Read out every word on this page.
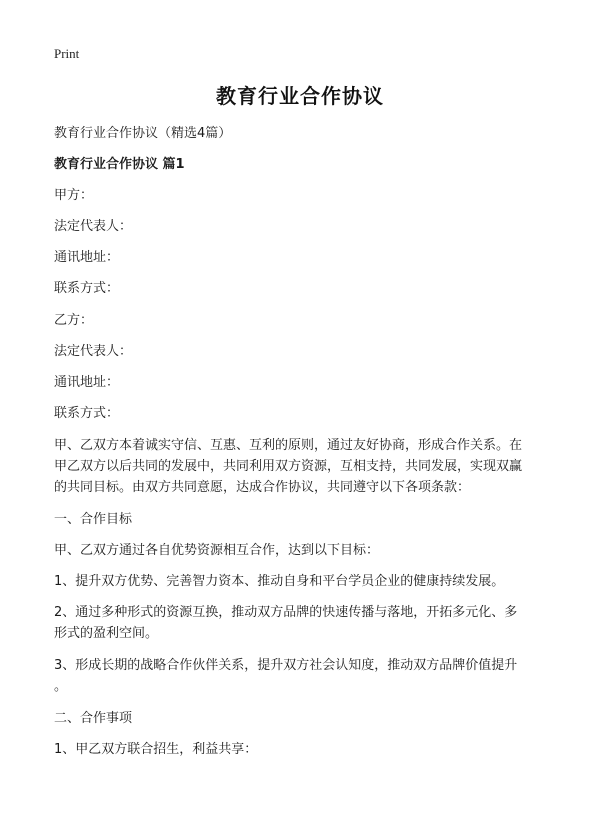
Print
教育行业合作协议
教育行业合作协议（精选4篇）
教育行业合作协议 篇1
甲方：
法定代表人：
通讯地址：
联系方式：
乙方：
法定代表人：
通讯地址：
联系方式：
甲、乙双方本着诚实守信、互惠、互利的原则，通过友好协商，形成合作关系。在
甲乙双方以后共同的发展中，共同利用双方资源，互相支持，共同发展，实现双赢
的共同目标。由双方共同意愿，达成合作协议，共同遵守以下各项条款：
一、合作目标
甲、乙双方通过各自优势资源相互合作，达到以下目标：
1、提升双方优势、完善智力资本、推动自身和平台学员企业的健康持续发展。
2、通过多种形式的资源互换，推动双方品牌的快速传播与落地，开拓多元化、多
形式的盈利空间。
3、形成长期的战略合作伙伴关系，提升双方社会认知度，推动双方品牌价值提升
。
二、合作事项
1、甲乙双方联合招生，利益共享：
